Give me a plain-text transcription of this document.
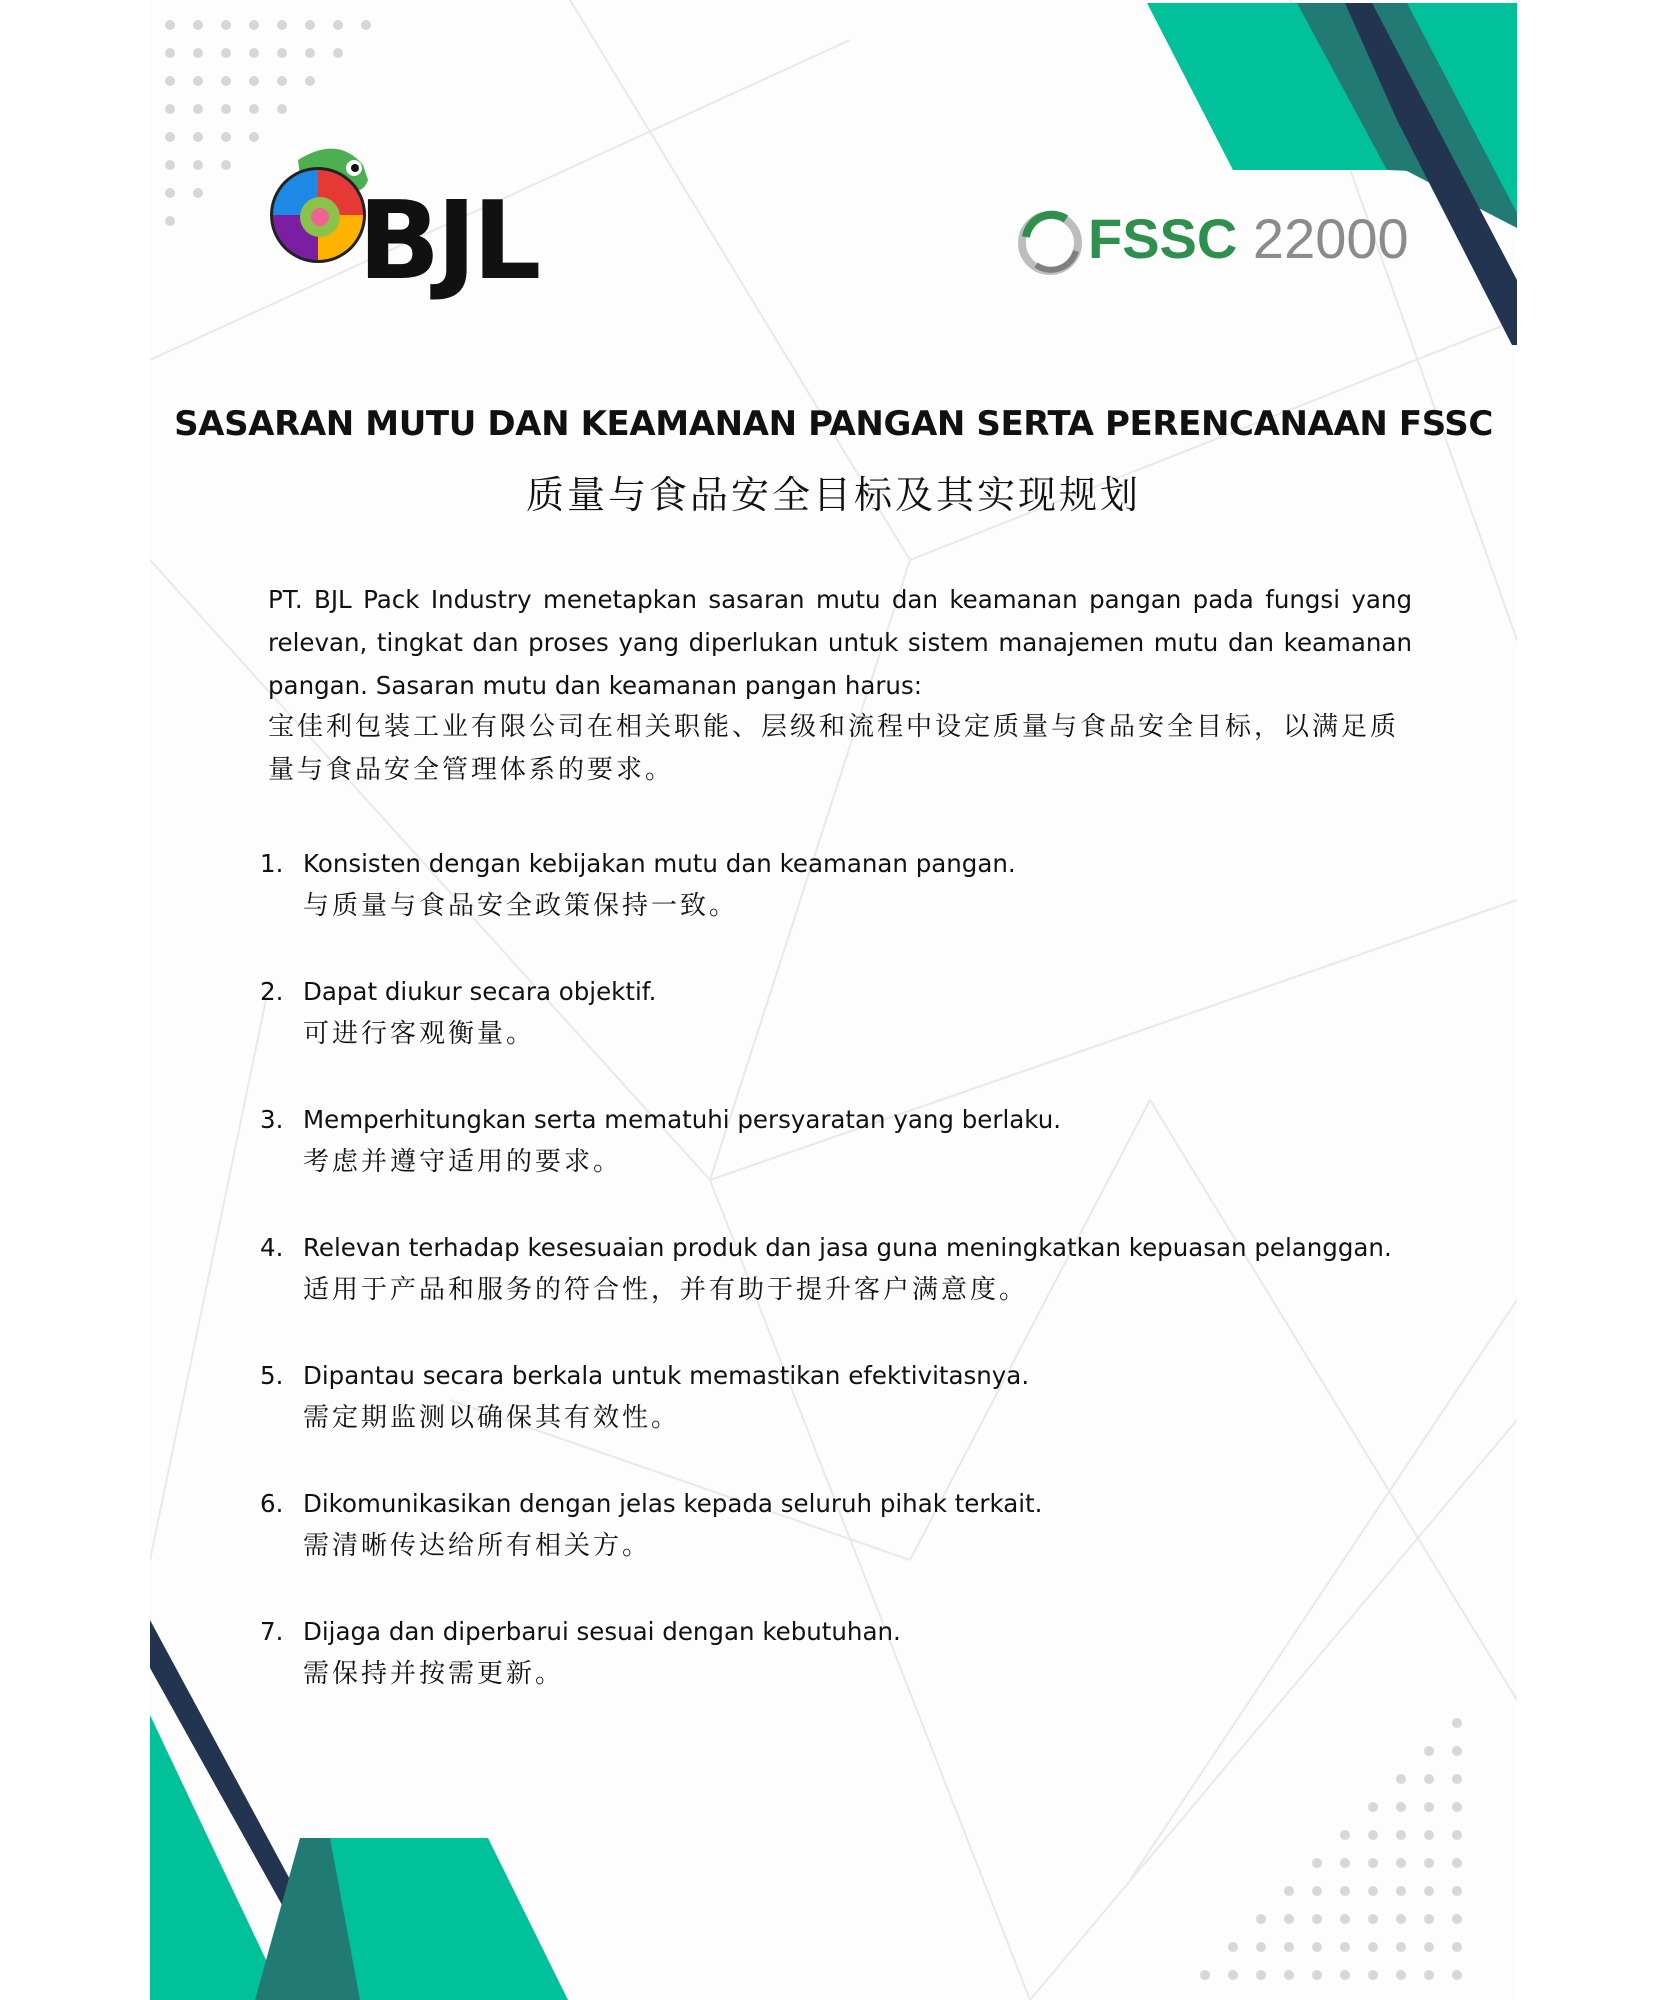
BJL	FSSC 22000
SASARAN MUTU DAN KEAMANAN PANGAN SERTA PERENCANAAN FSSC
质量与食品安全目标及其实现规划
PT. BJL Pack Industry menetapkan sasaran mutu dan keamanan pangan pada fungsi yang relevan, tingkat dan proses yang diperlukan untuk sistem manajemen mutu dan keamanan pangan. Sasaran mutu dan keamanan pangan harus:
宝佳利包装工业有限公司在相关职能、层级和流程中设定质量与食品安全目标，以满足质量与食品安全管理体系的要求。
1. Konsisten dengan kebijakan mutu dan keamanan pangan.
与质量与食品安全政策保持一致。
2. Dapat diukur secara objektif.
可进行客观衡量。
3. Memperhitungkan serta mematuhi persyaratan yang berlaku.
考虑并遵守适用的要求。
4. Relevan terhadap kesesuaian produk dan jasa guna meningkatkan kepuasan pelanggan.
适用于产品和服务的符合性，并有助于提升客户满意度。
5. Dipantau secara berkala untuk memastikan efektivitasnya.
需定期监测以确保其有效性。
6. Dikomunikasikan dengan jelas kepada seluruh pihak terkait.
需清晰传达给所有相关方。
7. Dijaga dan diperbarui sesuai dengan kebutuhan.
需保持并按需更新。
